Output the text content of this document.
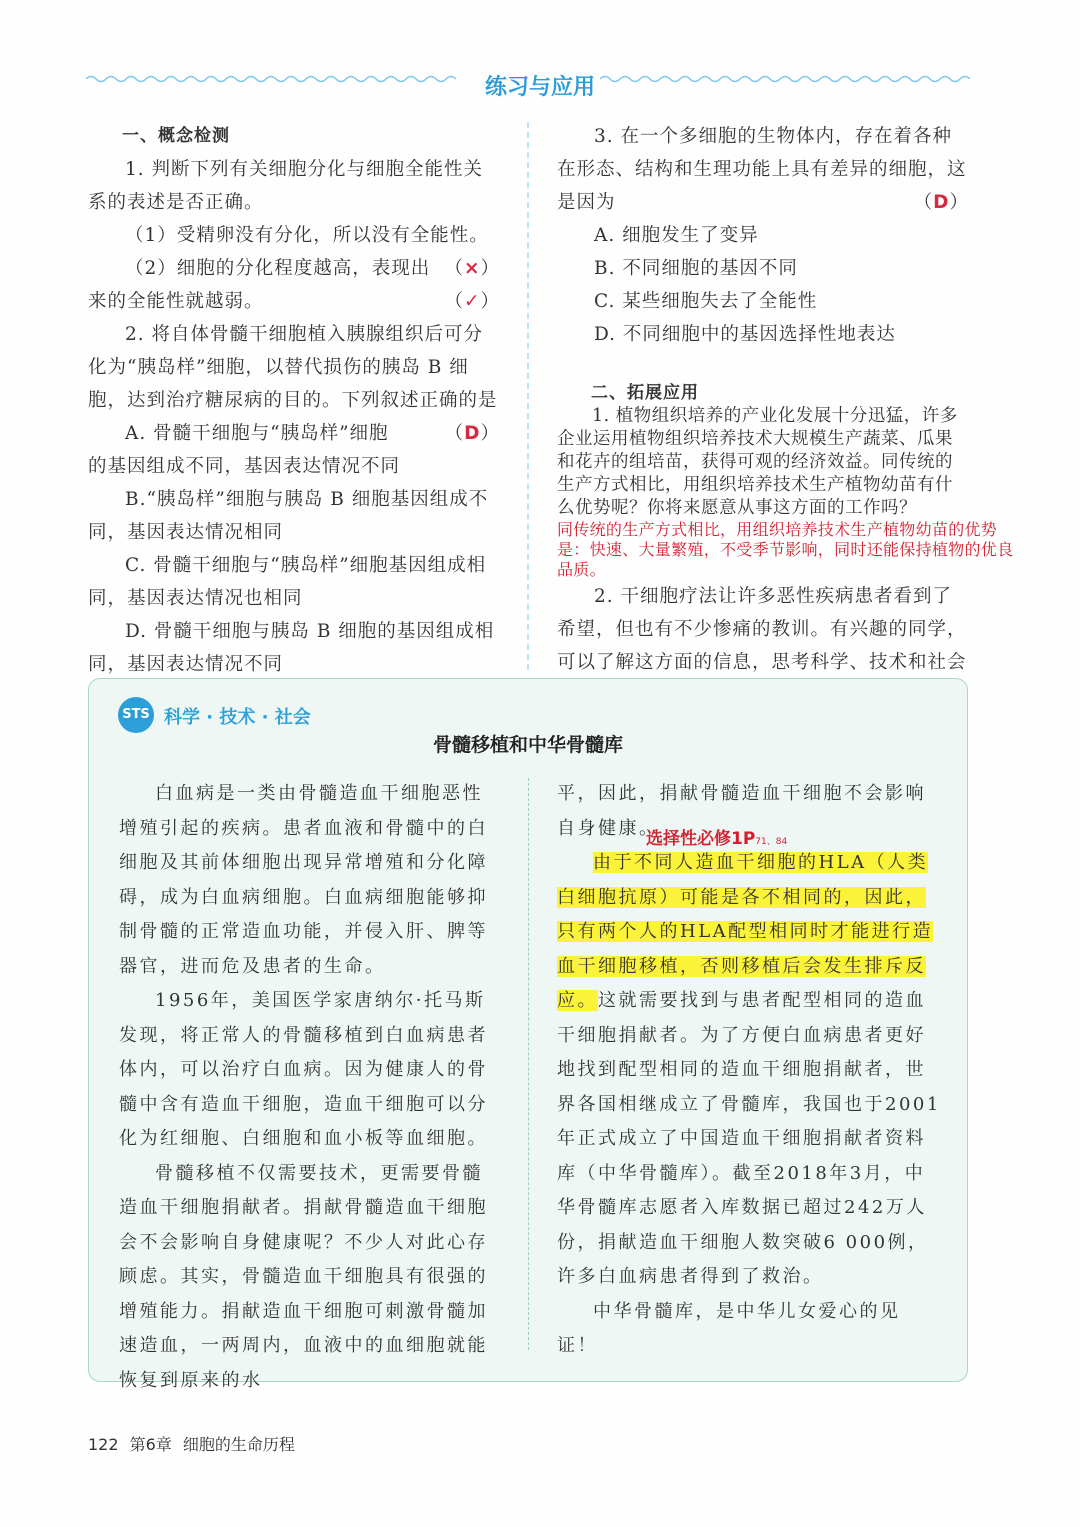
练习与应用

一、概念检测

1. 判断下列有关细胞分化与细胞全能性关系的表述是否正确。

（1）受精卵没有分化，所以没有全能性。
（×）

（2）细胞的分化程度越高，表现出来的全能性就越弱。	（✓）

2. 将自体骨髓干细胞植入胰腺组织后可分化为“胰岛样”细胞，以替代损伤的胰岛 B 细胞，达到治疗糖尿病的目的。下列叙述正确的是
（D）

A. 骨髓干细胞与“胰岛样”细胞的基因组成不同，基因表达情况不同

B.“胰岛样”细胞与胰岛 B 细胞基因组成不同，基因表达情况相同

C. 骨髓干细胞与“胰岛样”细胞基因组成相同，基因表达情况也相同

D. 骨髓干细胞与胰岛 B 细胞的基因组成相同，基因表达情况不同

3. 在一个多细胞的生物体内，存在着各种在形态、结构和生理功能上具有差异的细胞，这是因为	（D）

A. 细胞发生了变异

B. 不同细胞的基因不同

C. 某些细胞失去了全能性

D. 不同细胞中的基因选择性地表达

二、拓展应用

1. 植物组织培养的产业化发展十分迅猛，许多企业运用植物组织培养技术大规模生产蔬菜、瓜果和花卉的组培苗，获得可观的经济效益。同传统的生产方式相比，用组织培养技术生产植物幼苗有什么优势呢？你将来愿意从事这方面的工作吗？

同传统的生产方式相比，用组织培养技术生产植物幼苗的优势是：快速、大量繁殖，不受季节影响，同时还能保持植物的优良品质。

2. 干细胞疗法让许多恶性疾病患者看到了希望，但也有不少惨痛的教训。有兴趣的同学，可以了解这方面的信息，思考科学、技术和社会

STS 科学 · 技术 · 社会
骨髓移植和中华骨髓库

白血病是一类由骨髓造血干细胞恶性增殖引起的疾病。患者血液和骨髓中的白细胞及其前体细胞出现异常增殖和分化障碍，成为白血病细胞。白血病细胞能够抑制骨髓的正常造血功能，并侵入肝、脾等器官，进而危及患者的生命。

1956年，美国医学家唐纳尔·托马斯发现，将正常人的骨髓移植到白血病患者体内，可以治疗白血病。因为健康人的骨髓中含有造血干细胞，造血干细胞可以分化为红细胞、白细胞和血小板等血细胞。

骨髓移植不仅需要技术，更需要骨髓造血干细胞捐献者。捐献骨髓造血干细胞会不会影响自身健康呢？不少人对此心存顾虑。其实，骨髓造血干细胞具有很强的增殖能力。捐献造血干细胞可刺激骨髓加速造血，一两周内，血液中的血细胞就能恢复到原来的水

平，因此，捐献骨髓造血干细胞不会影响自身健康。

由于不同人造血干细胞的HLA（人类白细胞抗原）可能是各不相同的，因此，只有两个人的HLA配型相同时才能进行造血干细胞移植，否则移植后会发生排斥反应。这就需要找到与患者配型相同的造血干细胞捐献者。为了方便白血病患者更好地找到配型相同的造血干细胞捐献者，世界各国相继成立了骨髓库，我国也于2001年正式成立了中国造血干细胞捐献者资料库（中华骨髓库）。截至2018年3月，中华骨髓库志愿者入库数据已超过242万人份，捐献造血干细胞人数突破6 000例，许多白血病患者得到了救治。

中华骨髓库，是中华儿女爱心的见证！

选择性必修1P71、84
122 第6章 细胞的生命历程
